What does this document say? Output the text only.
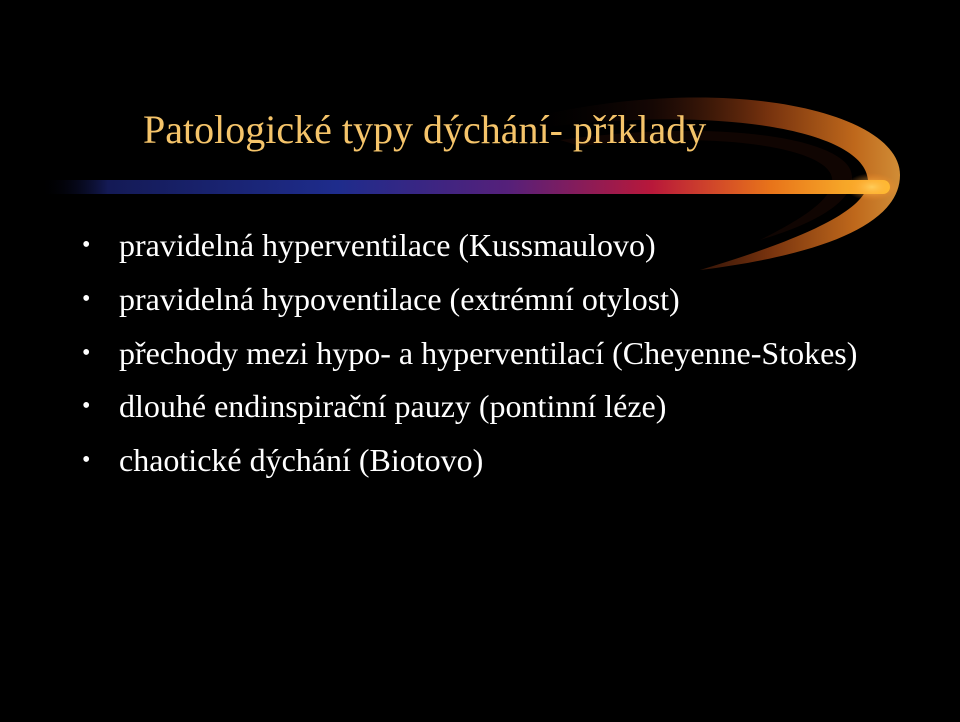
Patologické typy dýchání- příklady
• pravidelná hyperventilace (Kussmaulovo)
• pravidelná hypoventilace (extrémní otylost)
• přechody mezi hypo- a hyperventilací (Cheyenne-Stokes)
• dlouhé endinspirační pauzy (pontinní léze)
• chaotické dýchání (Biotovo)
